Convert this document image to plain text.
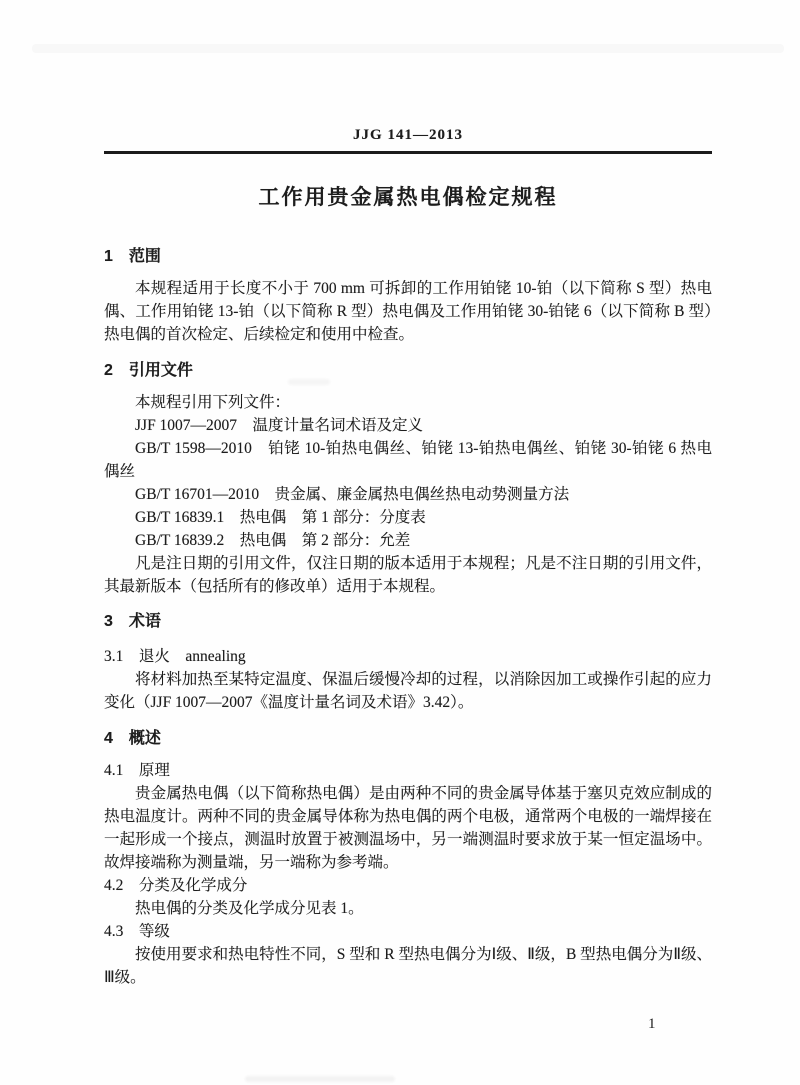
JJG 141—2013
工作用贵金属热电偶检定规程
1　范围

本规程适用于长度不小于 700 mm 可拆卸的工作用铂铑 10-铂（以下简称 S 型）热电偶、工作用铂铑 13-铂（以下简称 R 型）热电偶及工作用铂铑 30-铂铑 6（以下简称 B 型）热电偶的首次检定、后续检定和使用中检查。

2　引用文件

本规程引用下列文件：

JJF 1007—2007　温度计量名词术语及定义

GB/T 1598—2010　铂铑 10-铂热电偶丝、铂铑 13-铂热电偶丝、铂铑 30-铂铑 6 热电偶丝

GB/T 16701—2010　贵金属、廉金属热电偶丝热电动势测量方法

GB/T 16839.1　热电偶　第 1 部分：分度表

GB/T 16839.2　热电偶　第 2 部分：允差

凡是注日期的引用文件，仅注日期的版本适用于本规程；凡是不注日期的引用文件，其最新版本（包括所有的修改单）适用于本规程。

3　术语
3.1　退火　annealing

将材料加热至某特定温度、保温后缓慢冷却的过程，以消除因加工或操作引起的应力变化（JJF 1007—2007《温度计量名词及术语》3.42）。

4　概述
4.1　原理

贵金属热电偶（以下简称热电偶）是由两种不同的贵金属导体基于塞贝克效应制成的热电温度计。两种不同的贵金属导体称为热电偶的两个电极，通常两个电极的一端焊接在一起形成一个接点，测温时放置于被测温场中，另一端测温时要求放于某一恒定温场中。故焊接端称为测量端，另一端称为参考端。

4.2　分类及化学成分

热电偶的分类及化学成分见表 1。

4.3　等级

按使用要求和热电特性不同，S 型和 R 型热电偶分为Ⅰ级、Ⅱ级，B 型热电偶分为Ⅱ级、Ⅲ级。

1
